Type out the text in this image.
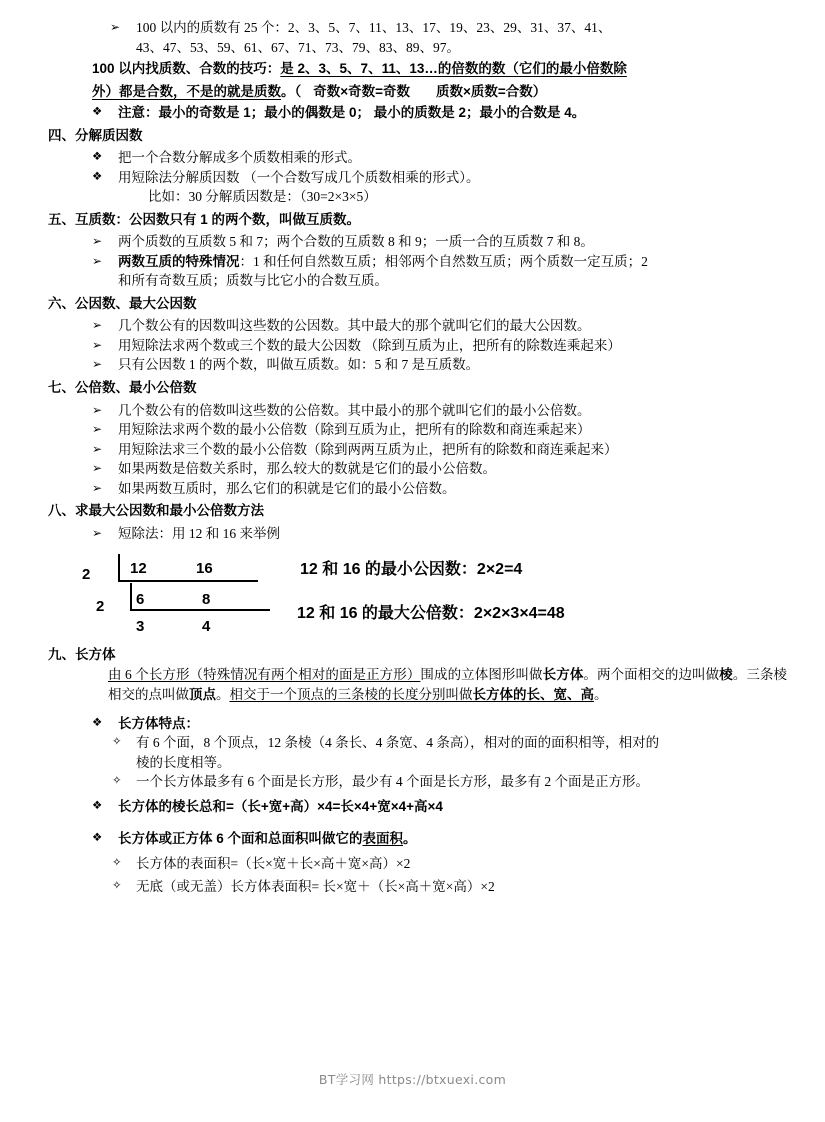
➢	100 以内的质数有 25 个：2、3、5、7、11、13、17、19、23、29、31、37、41、
43、47、53、59、61、67、71、73、79、83、89、97。
100 以内找质数、合数的技巧：是 2、3、5、7、11、13…的倍数的数（它们的最小倍数除
外）都是合数，不是的就是质数。（ 奇数×奇数=奇数 质数×质数=合数）
❖	注意：最小的奇数是 1；最小的偶数是 0； 最小的质数是 2；最小的合数是 4。
四、分解质因数
❖	把一个合数分解成多个质数相乘的形式。
❖	用短除法分解质因数 （一个合数写成几个质数相乘的形式）。
比如：30 分解质因数是：（30=2×3×5）
五、互质数：公因数只有 1 的两个数，叫做互质数。
➢	两个质数的互质数 5 和 7；两个合数的互质数 8 和 9；一质一合的互质数 7 和 8。
➢	两数互质的特殊情况：1 和任何自然数互质；相邻两个自然数互质；两个质数一定互质；2
和所有奇数互质；质数与比它小的合数互质。
六、公因数、最大公因数
➢	几个数公有的因数叫这些数的公因数。其中最大的那个就叫它们的最大公因数。
➢	用短除法求两个数或三个数的最大公因数 （除到互质为止，把所有的除数连乘起来）
➢	只有公因数 1 的两个数，叫做互质数。如：5 和 7 是互质数。
七、公倍数、最小公倍数
➢	几个数公有的倍数叫这些数的公倍数。其中最小的那个就叫它们的最小公倍数。
➢	用短除法求两个数的最小公倍数（除到互质为止，把所有的除数和商连乘起来）
➢	用短除法求三个数的最小公倍数（除到两两互质为止，把所有的除数和商连乘起来）
➢	如果两数是倍数关系时，那么较大的数就是它们的最小公倍数。
➢	如果两数互质时，那么它们的积就是它们的最小公倍数。
八、求最大公因数和最小公倍数方法
➢	短除法：用 12 和 16 来举例
2	12	16
2 6	8
3	4
12 和 16 的最小公因数：2×2=4
12 和 16 的最大公倍数：2×2×3×4=48
九、长方体
由 6 个长方形（特殊情况有两个相对的面是正方形）围成的立体图形叫做长方体。两个面相交的边叫做棱。三条棱相交的点叫做顶点。相交于一个顶点的三条棱的长度分别叫做长方体的长、宽、高。
❖	长方体特点：
✧	有 6 个面，8 个顶点，12 条棱（4 条长、4 条宽、4 条高），相对的面的面积相等，相对的
棱的长度相等。
✧	一个长方体最多有 6 个面是长方形，最少有 4 个面是长方形，最多有 2 个面是正方形。
❖	长方体的棱长总和=（长+宽+高）×4=长×4+宽×4+高×4
❖	长方体或正方体 6 个面和总面积叫做它的表面积。
✧	长方体的表面积=（长×宽＋长×高＋宽×高）×2
✧	无底（或无盖）长方体表面积= 长×宽＋（长×高＋宽×高）×2
BT学习网 https://btxuexi.com
